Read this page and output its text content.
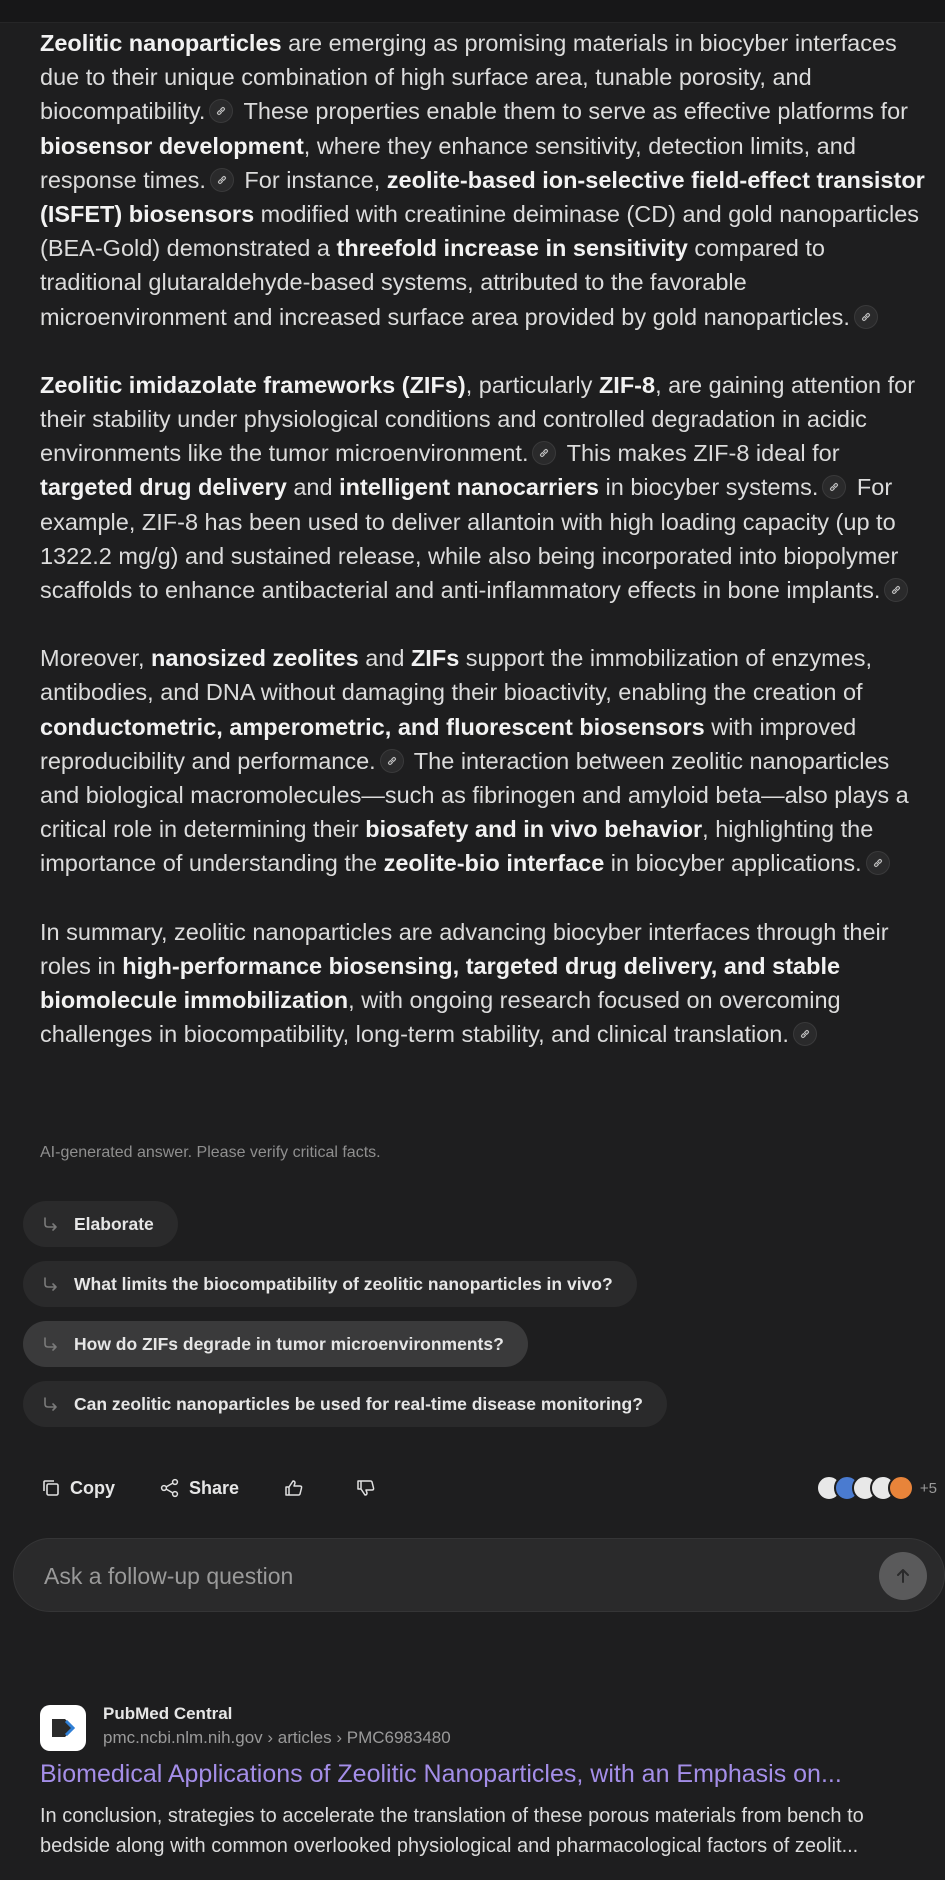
Zeolitic nanoparticles are emerging as promising materials in biocyber interfaces due to their unique combination of high surface area, tunable porosity, and biocompatibility.
These properties enable them to serve as effective platforms for biosensor development, where they enhance sensitivity, detection limits, and response times.
For instance, zeolite-based ion-selective field-effect transistor (ISFET) biosensors modified with creatinine deiminase (CD) and gold nanoparticles (BEA-Gold) demonstrated a threefold increase in sensitivity compared to traditional glutaraldehyde-based systems, attributed to the favorable microenvironment and increased surface area provided by gold nanoparticles.

Zeolitic imidazolate frameworks (ZIFs), particularly ZIF-8, are gaining attention for their stability under physiological conditions and controlled degradation in acidic environments like the tumor microenvironment.
This makes ZIF-8 ideal for targeted drug delivery and intelligent nanocarriers in biocyber systems.
For example, ZIF-8 has been used to deliver allantoin with high loading capacity (up to 1322.2 mg/g) and sustained release, while also being incorporated into biopolymer scaffolds to enhance antibacterial and anti-inflammatory effects in bone implants.

Moreover, nanosized zeolites and ZIFs support the immobilization of enzymes, antibodies, and DNA without damaging their bioactivity, enabling the creation of conductometric, amperometric, and fluorescent biosensors with improved reproducibility and performance.
The interaction between zeolitic nanoparticles and biological macromolecules—such as fibrinogen and amyloid beta—also plays a critical role in determining their biosafety and in vivo behavior, highlighting the importance of understanding the zeolite-bio interface in biocyber applications.

In summary, zeolitic nanoparticles are advancing biocyber interfaces through their roles in high-performance biosensing, targeted drug delivery, and stable biomolecule immobilization, with ongoing research focused on overcoming challenges in biocompatibility, long-term stability, and clinical translation.

AI-generated answer. Please verify critical facts.
Elaborate
What limits the biocompatibility of zeolitic nanoparticles in vivo?
How do ZIFs degrade in tumor microenvironments?
Can zeolitic nanoparticles be used for real-time disease monitoring?
Copy	Share	+5
Ask a follow-up question
PubMed Central
pmc.ncbi.nlm.nih.gov › articles › PMC6983480
Biomedical Applications of Zeolitic Nanoparticles, with an Emphasis on...
In conclusion, strategies to accelerate the translation of these porous materials from bench to bedside along with common overlooked physiological and pharmacological factors of zeolit...
